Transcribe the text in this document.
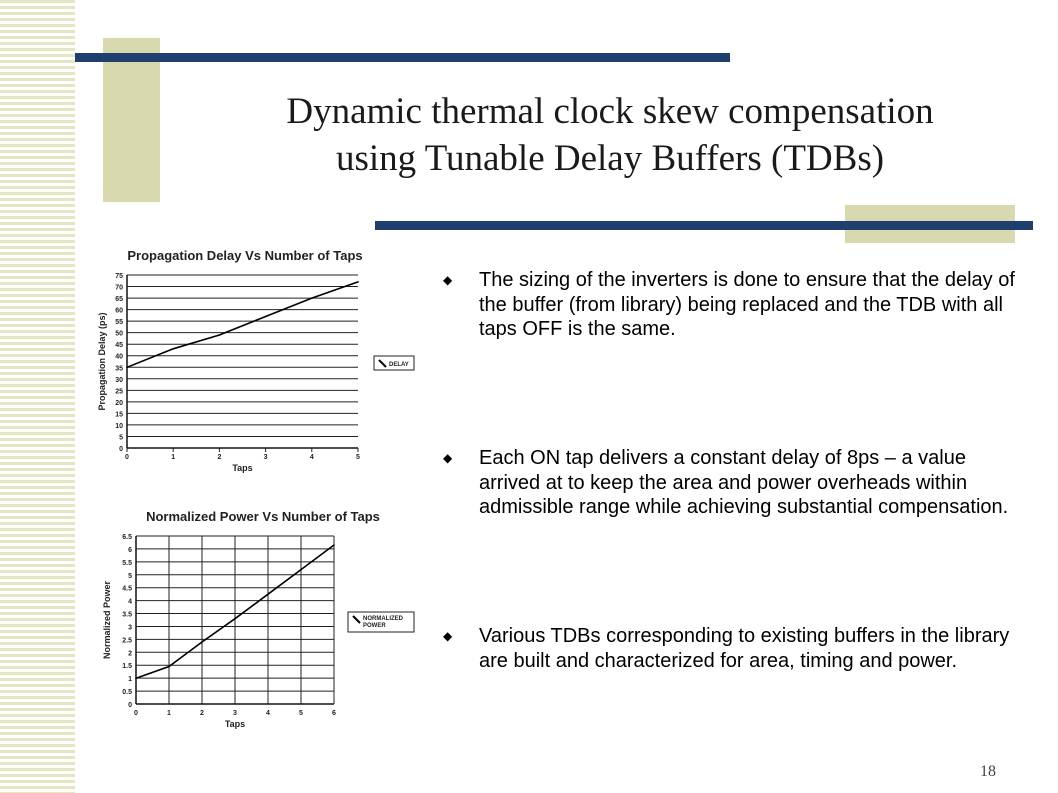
Dynamic thermal clock skew compensation
using Tunable Delay Buffers (TDBs)
Propagation Delay Vs Number of Taps
0
5
10
15
20
25
30
35
40
45
50
55
60
65
70
75
0	1	2	3	4	5
Taps
Propagation Delay (ps)	DELAY
Normalized Power Vs Number of Taps
0
0.5
1
1.5
2
2.5
3
3.5
4
4.5
5
5.5
6
6.5
0	1	2	3	4	5	6
Taps
Normalized Power	NORMALIZED
POWER
◆ The sizing of the inverters is done to ensure that the delay of the buffer (from library) being replaced and the TDB with all taps OFF is the same.
◆ Each ON tap delivers a constant delay of 8ps – a value arrived at to keep the area and power overheads within admissible range while achieving substantial compensation.
◆ Various TDBs corresponding to existing buffers in the library are built and characterized for area, timing and power.
18
